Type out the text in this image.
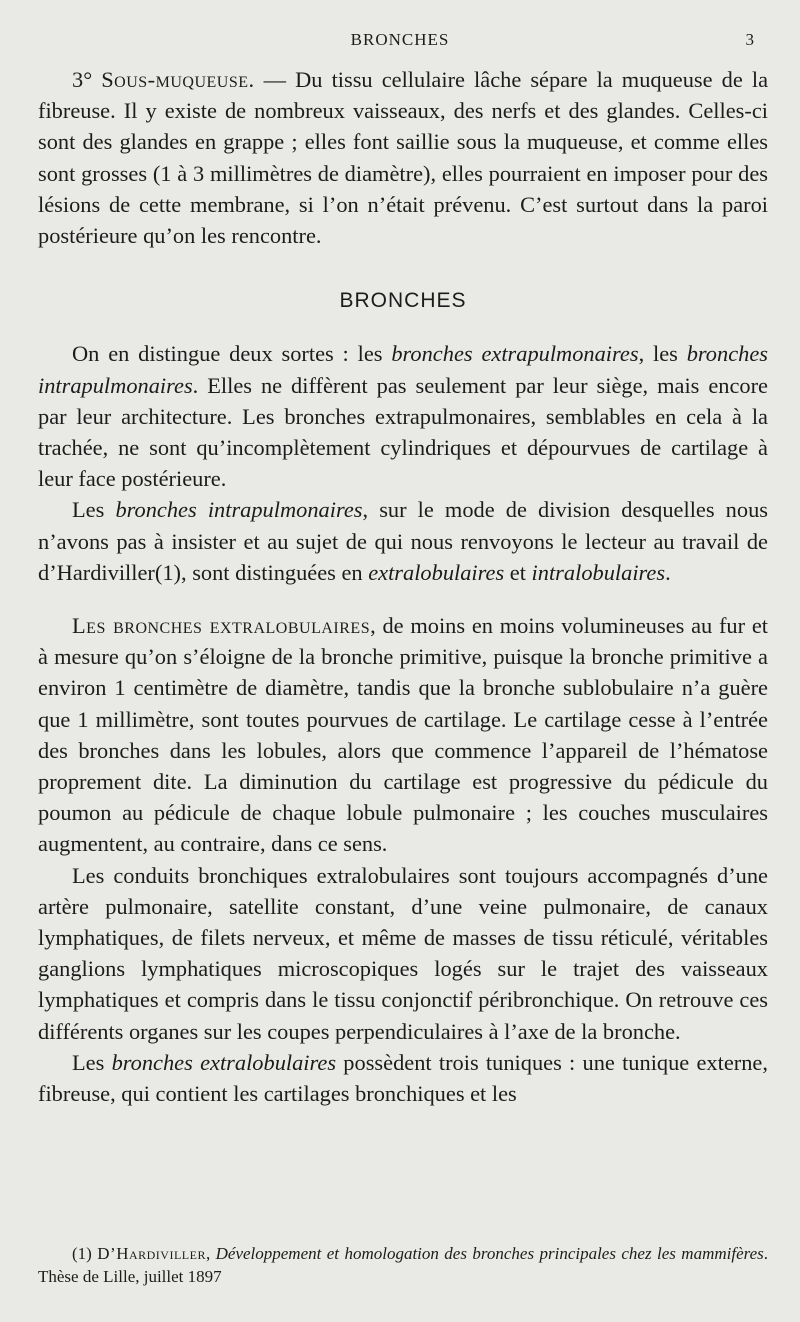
BRONCHES	3

3° Sous-muqueuse. — Du tissu cellulaire lâche sépare la muqueuse de la fibreuse. Il y existe de nombreux vaisseaux, des nerfs et des glandes. Celles-ci sont des glandes en grappe ; elles font saillie sous la muqueuse, et comme elles sont grosses (1 à 3 millimètres de diamètre), elles pourraient en imposer pour des lésions de cette membrane, si l’on n’était prévenu. C’est surtout dans la paroi postérieure qu’on les rencontre.

BRONCHES

On en distingue deux sortes : les bronches extrapulmonaires, les bronches intrapulmonaires. Elles ne diffèrent pas seulement par leur siège, mais encore par leur architecture. Les bronches extrapulmonaires, semblables en cela à la trachée, ne sont qu’incomplètement cylindriques et dépourvues de cartilage à leur face postérieure.

Les bronches intrapulmonaires, sur le mode de division desquelles nous n’avons pas à insister et au sujet de qui nous renvoyons le lecteur au travail de d’Hardiviller(1), sont distinguées en extralobulaires et intralobulaires.

Les bronches extralobulaires, de moins en moins volumineuses au fur et à mesure qu’on s’éloigne de la bronche primitive, puisque la bronche primitive a environ 1 centimètre de diamètre, tandis que la bronche sublobulaire n’a guère que 1 millimètre, sont toutes pourvues de cartilage. Le cartilage cesse à l’entrée des bronches dans les lobules, alors que commence l’appareil de l’hématose proprement dite. La diminution du cartilage est progressive du pédicule du poumon au pédicule de chaque lobule pulmonaire ; les couches musculaires augmentent, au contraire, dans ce sens.

Les conduits bronchiques extralobulaires sont toujours accompagnés d’une artère pulmonaire, satellite constant, d’une veine pulmonaire, de canaux lymphatiques, de filets nerveux, et même de masses de tissu réticulé, véritables ganglions lymphatiques microscopiques logés sur le trajet des vaisseaux lymphatiques et compris dans le tissu conjonctif péribronchique. On retrouve ces différents organes sur les coupes perpendiculaires à l’axe de la bronche.

Les bronches extralobulaires possèdent trois tuniques : une tunique externe, fibreuse, qui contient les cartilages bronchiques et les

(1) D’Hardiviller, Développement et homologation des bronches principales chez les mammifères. Thèse de Lille, juillet 1897
